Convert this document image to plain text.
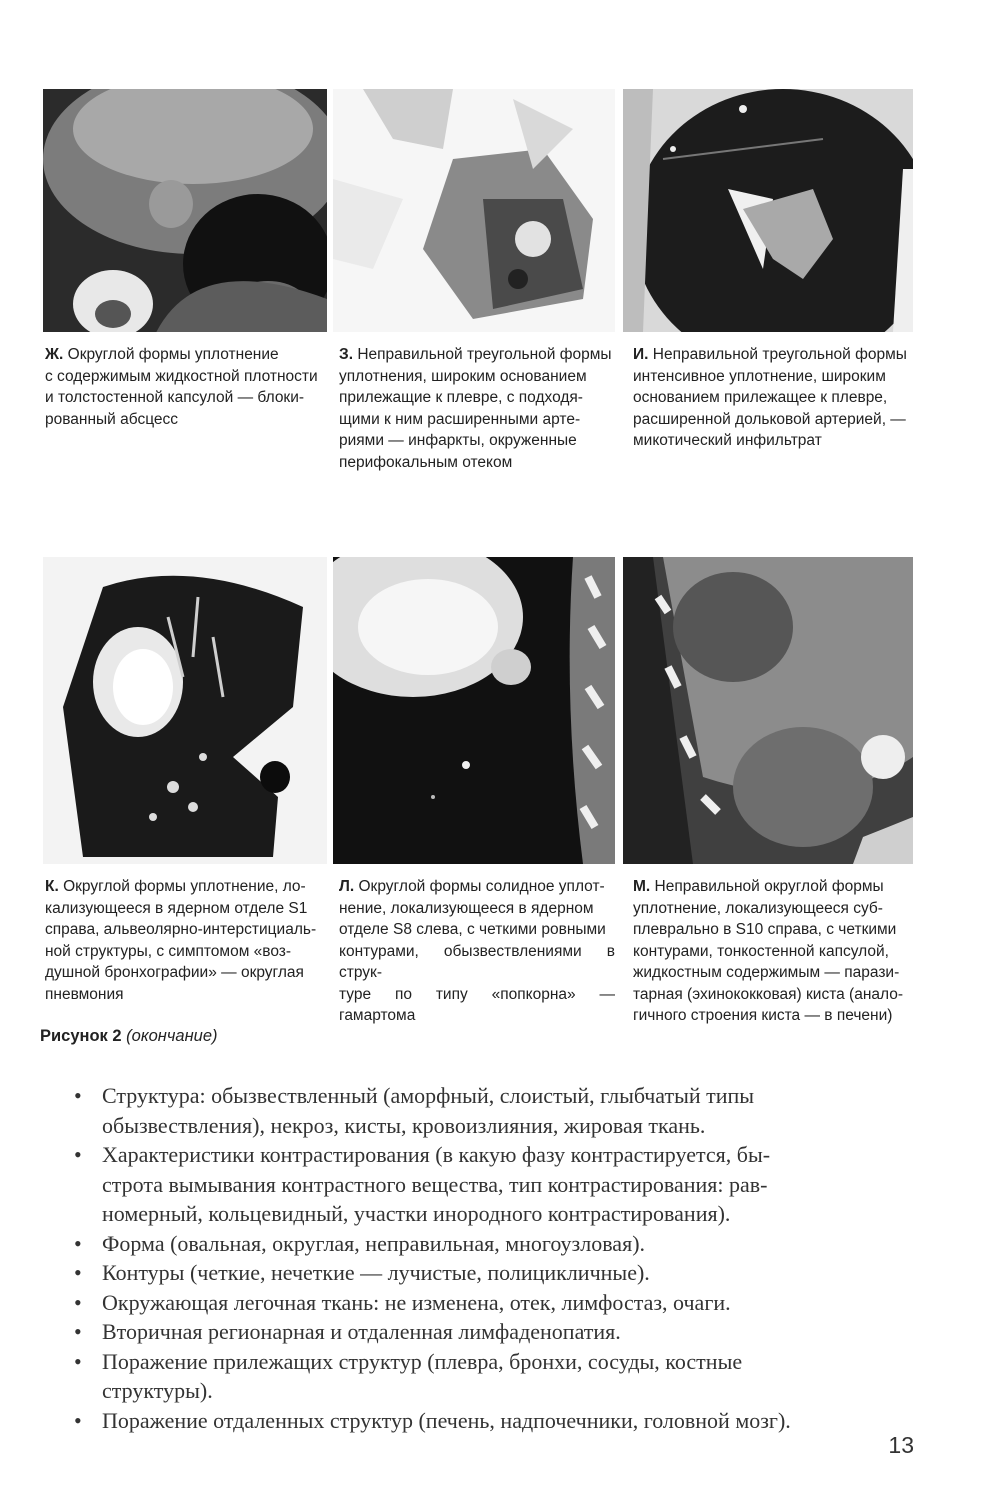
Ж. Округлой формы уплотнение
с содержимым жидкостной плотности
и толстостенной капсулой — блоки-
рованный абсцесс
З. Неправильной треугольной формы
уплотнения, широким основанием
прилежащие к плевре, с подходя-
щими к ним расширенными арте-
риями — инфаркты, окруженные
перифокальным отеком
И. Неправильной треугольной формы
интенсивное уплотнение, широким
основанием прилежащее к плевре,
расширенной дольковой артерией, —
микотический инфильтрат
К. Округлой формы уплотнение, ло-
кализующееся в ядерном отделе S1
справа, альвеолярно-интерстициаль-
ной структуры, с симптомом «воз-
душной бронхографии» — округлая
пневмония
Л. Округлой формы солидное уплот-
нение, локализующееся в ядерном
отделе S8 слева, с четкими ровными
контурами, обызвествлениями в струк-
туре по типу «попкорна» — гамартома
М. Неправильной округлой формы
уплотнение, локализующееся суб-
плеврально в S10 справа, с четкими
контурами, тонкостенной капсулой,
жидкостным содержимым — парази-
тарная (эхинококковая) киста (анало-
гичного строения киста — в печени)
Рисунок 2 (окончание)
• Структура: обызвествленный (аморфный, слоистый, глыбчатый типы
обызвествления), некроз, кисты, кровоизлияния, жировая ткань.
• Характеристики контрастирования (в какую фазу контрастируется, бы-
строта вымывания контрастного вещества, тип контрастирования: рав-
номерный, кольцевидный, участки инородного контрастирования).
• Форма (овальная, округлая, неправильная, многоузловая).
• Контуры (четкие, нечеткие — лучистые, полицикличные).
• Окружающая легочная ткань: не изменена, отек, лимфостаз, очаги.
• Вторичная регионарная и отдаленная лимфаденопатия.
• Поражение прилежащих структур (плевра, бронхи, сосуды, костные
структуры).
• Поражение отдаленных структур (печень, надпочечники, головной мозг).
13
